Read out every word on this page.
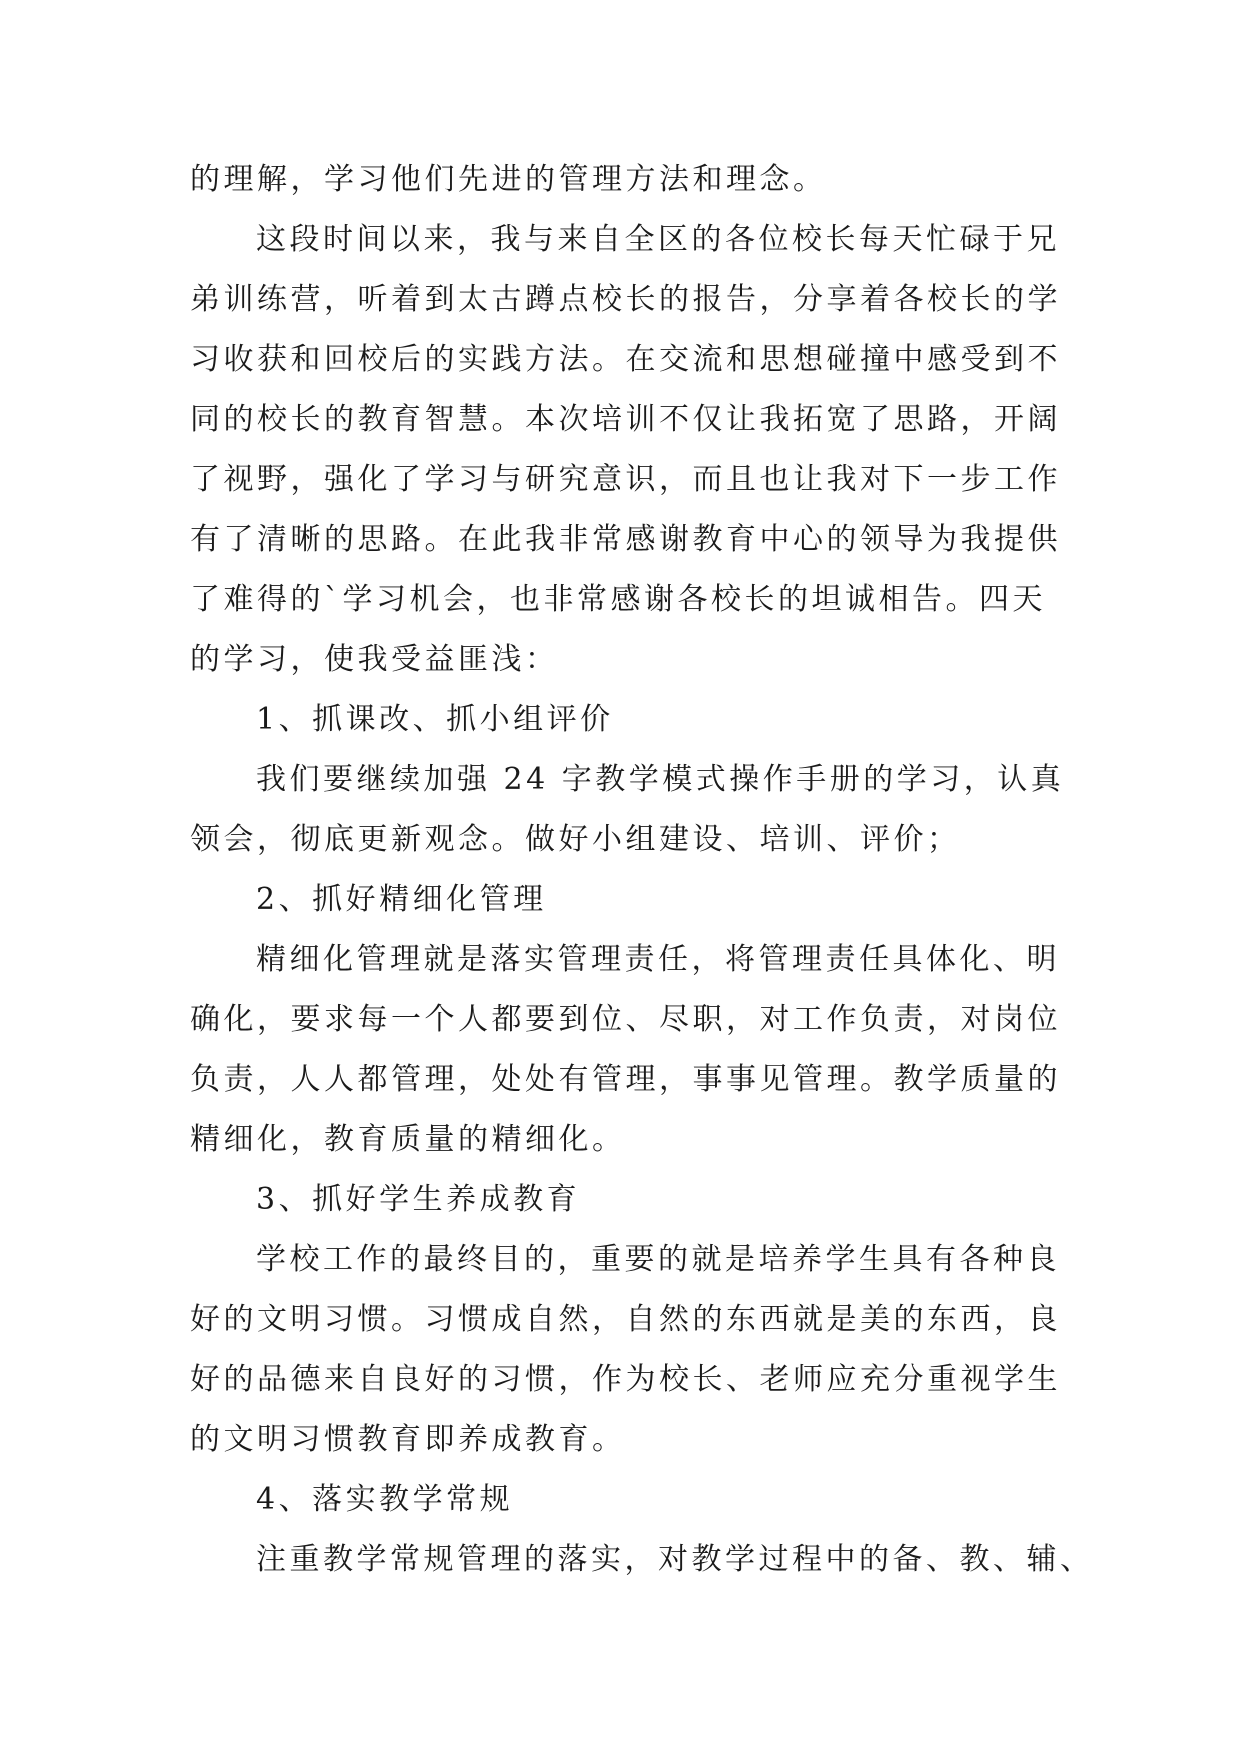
的理解，学习他们先进的管理方法和理念。
这段时间以来，我与来自全区的各位校长每天忙碌于兄
弟训练营，听着到太古蹲点校长的报告，分享着各校长的学
习收获和回校后的实践方法。在交流和思想碰撞中感受到不
同的校长的教育智慧。本次培训不仅让我拓宽了思路，开阔
了视野，强化了学习与研究意识，而且也让我对下一步工作
有了清晰的思路。在此我非常感谢教育中心的领导为我提供
了难得的`学习机会，也非常感谢各校长的坦诚相告。四天
的学习，使我受益匪浅：
1、抓课改、抓小组评价
我们要继续加强 24 字教学模式操作手册的学习，认真
领会，彻底更新观念。做好小组建设、培训、评价；
2、抓好精细化管理
精细化管理就是落实管理责任，将管理责任具体化、明
确化，要求每一个人都要到位、尽职，对工作负责，对岗位
负责，人人都管理，处处有管理，事事见管理。教学质量的
精细化，教育质量的精细化。
3、抓好学生养成教育
学校工作的最终目的，重要的就是培养学生具有各种良
好的文明习惯。习惯成自然，自然的东西就是美的东西，良
好的品德来自良好的习惯，作为校长、老师应充分重视学生
的文明习惯教育即养成教育。
4、落实教学常规
注重教学常规管理的落实，对教学过程中的备、教、辅、
